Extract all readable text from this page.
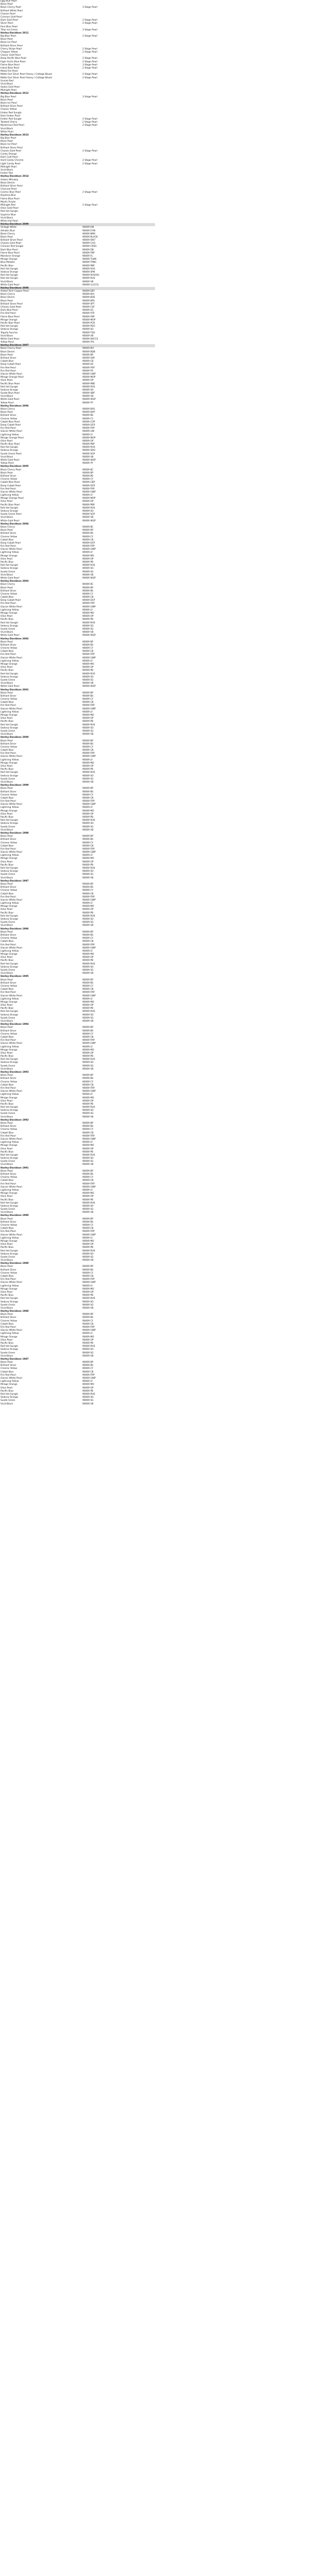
Egg Blue Pearl
Black Pearl
Black Cherry Pearl	3 Stage Pearl
Brilliant White Pearl
Chassis Pearl
Crimson Gold Pearl
Dark Gold Pearl	2 Stage Pearl
Silver Pearl	2 Stage Pearl
Pure Blue Pearl
Titan Ice Green	3 Stage Pearl
Harley-Davidson 2011
Big Blue Pearl	2 Stage Pearl
Black Pearl
Black Ice Pearl
Brilliant Silver Pearl
Cherry Stripe Pearl	2 Stage Pearl
Chopper Yellow	2 Stage Pearl
Classic Gold Pearl
Deep Pacific Blue Pearl	2 Stage Pearl
Eiger Arctic Blue Pearl	2 Stage Pearl
Flame Blue Pearl	3 Stage Pearl
Island Blue Pearl	2 Stage Pearl
Metal Fire Pearl
Matte Earl Silver Pearl Heavy / Cottage Blue/s	2 Stage Pearl
Matte Earl Silver Pearl Heavy / Cottage Blue/s	2 Stage Pearl
Scarlet Red
Vivid Black
Sedan Gold Pearl
Midnight Pearl
Harley-Davidson 2012
Big Blue Pearl	3 Stage Pearl
Black Pearl
Black Ice Pearl
Brilliant Silver Pearl
Chassis Yellow
Ember Red Sunglo
Dark Ember Pearl
Ember Red Sunglo	2 Stage Pearl
Twisted Cherry	2 Stage Pearl
Mysterious Red Pearl	2 Stage Pearl
Vivid Black
White Pearl
Harley-Davidson 2013
Big Blue Pearl
Black Pearl
Black Ice Pearl
Brilliant Silver Pearl
Chassis Gold Pearl	2 Stage Pearl
Candy Orange
Dark Cold Pearl
Hard Candy Chrome	2 Stage Pearl
Light Candy Pearl	2 Stage Pearl
Midnight Pearl
Vivid Black
Ember Red
Harley-Davidson 2014
Amber Whiskey
Black Denim
Brilliant Silver Pearl
Charcoal Pearl
Cosmic Blue Pearl	2 Stage Pearl
Daytona Blue
Flame Blue Pearl
Mystic Purple
Midnight Red	2 Stage Pearl
Olive Gold Pearl
Red Hot Sunglo
Superior Blue
Vivid Black
White Hot Pearl
Harley-Davidson 2009
Vintage White	90009 EW
Adriatic Blue	90009 EYW
Black Cherry	90009 BMX
Black Pearl	90009 BLACK
Brilliant Silver Pearl	90009 SW7
Chassis Gold Pearl	90009 CHG
Crimson Red Sunglo	90009 CRSG
Dark Blue Pearl	90009 DB
Flame Blue Pearl	90009 FBP
Mandarin Orange	90009 FL
Mirage Orange	90009 TLW6
Blue Metallic	90009 TRNC
Pacific Blue	90009 PBP
Red Hot Sunglo	90009 RHS
Sedona Orange	90009 SPN
Red Hot Sunglo	90009 RHS/OU
Red Hot Sunglo	90009 RHS
Vivid Black	90009 VB
White Gold Pearl	90009 CL/CCS
Harley-Davidson 2008
Amber Rich Copper Pearl	90009 DEF
Black Cherry	90009 BHI
Black Denim	90009 BDS
Black Pearl	90009 BPS
Brilliant Silver Pearl	90009 SPT
Chassis Gold Pearl	90009 CSF
Dark Blue Pearl	90009 D1
Fire Red Pearl	90009 FFR
Flame Blue Pearl	90009 FBP
Mirage Orange	90009 MOP
Pacific Blue Pearl	90009 PCB
Red Hot Sunglo	90009 RSG
Sedona Orange	90009 SO
Tequila Sunrise	90009 TQS
Vivid Black	90009 VB
White Gold Pearl	90009 W/CCS
Yellow Pearl	90009 YPL
Harley-Davidson 2007
Black Cherry Pearl	90009 BYI
Black Denim	90009 BDB
Black Pearl	90009 BP
Brilliant Silver	90009 SSR
Cobalt Blue	90009 CB
Deep Cobalt Pearl	90009 DC
Fire Red Pearl	90009 FRP
Fire Red Pearl	90009 FR
Glacier White Pearl	90009 GWP
Mirage Orange Pearl	90009 MOP
Olive Pearl	90009 OP
Pacific Blue Pearl	90009 PBB
Red Hot Sunglo	90009 RHS
Sedona Orange	90009 SO
Suede Blue Pearl	90009 SBP
Vivid Black	90009 VB
White Gold Pearl	90009 WGP
Yellow Pearl	90009 YP
Harley-Davidson 2006
Black Cherry	90009 BXS
Black Pearl	90009 BXP
Brilliant Silver	90009 BS
Chrome Yellow	90009 CY
Cobalt Blue Pearl	90009 COP
Deep Cobalt Pearl	90009 DCP
Fire Red Pearl	90009 FRP
Glacier White Pearl	90009 GW
Lightning Yellow	90009 LY
Mirage Orange Pearl	90009 MOP
Olive Pearl	90009 OP
Pacific Blue Pearl	90009 PBP
Red Hot Sunglo	90009 RHS
Sedona Orange	90009 SDO
Suede Green Pearl	90009 SGP
Vivid Black	90009 VB
White Gold Pearl	90009 WGP
Yellow Pearl	90009 YP
Harley-Davidson 2005
Black Cherry Pearl	90009 BC
Black Pearl	90009 BP
Brilliant Silver	90009 BS
Chrome Yellow	90009 CY
Cobalt Blue Pearl	90009 CBP
Deep Cobalt Pearl	90009 DCP
Fire Red Pearl	90009 FRP
Glacier White Pearl	90009 GWP
Lightning Yellow	90009 LY
Mirage Orange Pearl	90009 MOP
Olive Pearl	90009 OP
Pacific Blue Pearl	90009 PBP
Red Hot Sunglo	90009 RHS
Sedona Orange	90009 SO
Suede Green Pearl	90009 SGP
Vivid Black	90009 VB
White Gold Pearl	90009 WGP
Harley-Davidson 2004
Black Cherry	90009 BC
Black Pearl	90009 BP
Brilliant Silver	90009 BS
Chrome Yellow	90009 CY
Cobalt Blue	90009 CB
Deep Cobalt Pearl	90009 DCP
Fire Red Pearl	90009 FRP
Glacier White Pearl	90009 GWP
Lightning Yellow	90009 LY
Mirage Orange	90009 MO
Olive Pearl	90009 OP
Pacific Blue	90009 PB
Red Hot Sunglo	90009 RHS
Sedona Orange	90009 SO
Suede Green	90009 SG
Vivid Black	90009 VB
White Gold Pearl	90009 WGP
Harley-Davidson 2003
Black Cherry	90009 BC
Black Pearl	90009 BP
Brilliant Silver	90009 BS
Chrome Yellow	90009 CY
Cobalt Blue	90009 CB
Deep Cobalt Pearl	90009 DCP
Fire Red Pearl	90009 FRP
Glacier White Pearl	90009 GWP
Lightning Yellow	90009 LY
Mirage Orange	90009 MO
Olive Pearl	90009 OP
Pacific Blue	90009 PB
Red Hot Sunglo	90009 RHS
Sedona Orange	90009 SO
Suede Green	90009 SG
Vivid Black	90009 VB
White Gold Pearl	90009 WGP
Harley-Davidson 2002
Black Pearl	90009 BP
Brilliant Silver	90009 BS
Chrome Yellow	90009 CY
Cobalt Blue	90009 CB
Fire Red Pearl	90009 FRP
Glacier White Pearl	90009 GWP
Lightning Yellow	90009 LY
Mirage Orange	90009 MO
Olive Pearl	90009 OP
Pacific Blue	90009 PB
Red Hot Sunglo	90009 RHS
Sedona Orange	90009 SO
Suede Green	90009 SG
Vivid Black	90009 VB
White Gold Pearl	90009 WGP
Harley-Davidson 2001
Black Pearl	90009 BP
Brilliant Silver	90009 BS
Chrome Yellow	90009 CY
Cobalt Blue	90009 CB
Fire Red Pearl	90009 FRP
Glacier White Pearl	90009 GWP
Lightning Yellow	90009 LY
Mirage Orange	90009 MO
Olive Pearl	90009 OP
Pacific Blue	90009 PB
Red Hot Sunglo	90009 RHS
Sedona Orange	90009 SO
Suede Green	90009 SG
Vivid Black	90009 VB
Harley-Davidson 2000
Black Pearl	90009 BP
Brilliant Silver	90009 BS
Chrome Yellow	90009 CY
Cobalt Blue	90009 CB
Fire Red Pearl	90009 FRP
Glacier White Pearl	90009 GWP
Lightning Yellow	90009 LY
Mirage Orange	90009 MO
Olive Pearl	90009 OP
Pacific Blue	90009 PB
Red Hot Sunglo	90009 RHS
Sedona Orange	90009 SO
Suede Green	90009 SG
Vivid Black	90009 VB
Harley-Davidson 1999
Black Pearl	90009 BP
Brilliant Silver	90009 BS
Chrome Yellow	90009 CY
Cobalt Blue	90009 CB
Fire Red Pearl	90009 FRP
Glacier White Pearl	90009 GWP
Lightning Yellow	90009 LY
Mirage Orange	90009 MO
Olive Pearl	90009 OP
Pacific Blue	90009 PB
Red Hot Sunglo	90009 RHS
Sedona Orange	90009 SO
Suede Green	90009 SG
Vivid Black	90009 VB
Harley-Davidson 1998
Black Pearl	90009 BP
Brilliant Silver	90009 BS
Chrome Yellow	90009 CY
Cobalt Blue	90009 CB
Fire Red Pearl	90009 FRP
Glacier White Pearl	90009 GWP
Lightning Yellow	90009 LY
Mirage Orange	90009 MO
Olive Pearl	90009 OP
Pacific Blue	90009 PB
Red Hot Sunglo	90009 RHS
Sedona Orange	90009 SO
Suede Green	90009 SG
Vivid Black	90009 VB
Harley-Davidson 1997
Black Pearl	90009 BP
Brilliant Silver	90009 BS
Chrome Yellow	90009 CY
Cobalt Blue	90009 CB
Fire Red Pearl	90009 FRP
Glacier White Pearl	90009 GWP
Lightning Yellow	90009 LY
Mirage Orange	90009 MO
Olive Pearl	90009 OP
Pacific Blue	90009 PB
Red Hot Sunglo	90009 RHS
Sedona Orange	90009 SO
Suede Green	90009 SG
Vivid Black	90009 VB
Harley-Davidson 1996
Black Pearl	90009 BP
Brilliant Silver	90009 BS
Chrome Yellow	90009 CY
Cobalt Blue	90009 CB
Fire Red Pearl	90009 FRP
Glacier White Pearl	90009 GWP
Lightning Yellow	90009 LY
Mirage Orange	90009 MO
Olive Pearl	90009 OP
Pacific Blue	90009 PB
Red Hot Sunglo	90009 RHS
Sedona Orange	90009 SO
Suede Green	90009 SG
Vivid Black	90009 VB
Harley-Davidson 1995
Black Pearl	90009 BP
Brilliant Silver	90009 BS
Chrome Yellow	90009 CY
Cobalt Blue	90009 CB
Fire Red Pearl	90009 FRP
Glacier White Pearl	90009 GWP
Lightning Yellow	90009 LY
Mirage Orange	90009 MO
Olive Pearl	90009 OP
Pacific Blue	90009 PB
Red Hot Sunglo	90009 RHS
Sedona Orange	90009 SO
Suede Green	90009 SG
Vivid Black	90009 VB
Harley-Davidson 1994
Black Pearl	90009 BP
Brilliant Silver	90009 BS
Chrome Yellow	90009 CY
Cobalt Blue	90009 CB
Fire Red Pearl	90009 FRP
Glacier White Pearl	90009 GWP
Lightning Yellow	90009 LY
Mirage Orange	90009 MO
Olive Pearl	90009 OP
Pacific Blue	90009 PB
Red Hot Sunglo	90009 RHS
Sedona Orange	90009 SO
Suede Green	90009 SG
Vivid Black	90009 VB
Harley-Davidson 1993
Black Pearl	90009 BP
Brilliant Silver	90009 BS
Chrome Yellow	90009 CY
Cobalt Blue	90009 CB
Fire Red Pearl	90009 FRP
Glacier White Pearl	90009 GWP
Lightning Yellow	90009 LY
Mirage Orange	90009 MO
Olive Pearl	90009 OP
Pacific Blue	90009 PB
Red Hot Sunglo	90009 RHS
Sedona Orange	90009 SO
Suede Green	90009 SG
Vivid Black	90009 VB
Harley-Davidson 1992
Black Pearl	90009 BP
Brilliant Silver	90009 BS
Chrome Yellow	90009 CY
Cobalt Blue	90009 CB
Fire Red Pearl	90009 FRP
Glacier White Pearl	90009 GWP
Lightning Yellow	90009 LY
Mirage Orange	90009 MO
Olive Pearl	90009 OP
Pacific Blue	90009 PB
Red Hot Sunglo	90009 RHS
Sedona Orange	90009 SO
Suede Green	90009 SG
Vivid Black	90009 VB
Harley-Davidson 1991
Black Pearl	90009 BP
Brilliant Silver	90009 BS
Chrome Yellow	90009 CY
Cobalt Blue	90009 CB
Fire Red Pearl	90009 FRP
Glacier White Pearl	90009 GWP
Lightning Yellow	90009 LY
Mirage Orange	90009 MO
Olive Pearl	90009 OP
Pacific Blue	90009 PB
Red Hot Sunglo	90009 RHS
Sedona Orange	90009 SO
Suede Green	90009 SG
Vivid Black	90009 VB
Harley-Davidson 1990
Black Pearl	90009 BP
Brilliant Silver	90009 BS
Chrome Yellow	90009 CY
Cobalt Blue	90009 CB
Fire Red Pearl	90009 FRP
Glacier White Pearl	90009 GWP
Lightning Yellow	90009 LY
Mirage Orange	90009 MO
Olive Pearl	90009 OP
Pacific Blue	90009 PB
Red Hot Sunglo	90009 RHS
Sedona Orange	90009 SO
Suede Green	90009 SG
Vivid Black	90009 VB
Harley-Davidson 1989
Black Pearl	90009 BP
Brilliant Silver	90009 BS
Chrome Yellow	90009 CY
Cobalt Blue	90009 CB
Fire Red Pearl	90009 FRP
Glacier White Pearl	90009 GWP
Lightning Yellow	90009 LY
Mirage Orange	90009 MO
Olive Pearl	90009 OP
Pacific Blue	90009 PB
Red Hot Sunglo	90009 RHS
Sedona Orange	90009 SO
Suede Green	90009 SG
Vivid Black	90009 VB
Harley-Davidson 1988
Black Pearl	90009 BP
Brilliant Silver	90009 BS
Chrome Yellow	90009 CY
Cobalt Blue	90009 CB
Fire Red Pearl	90009 FRP
Glacier White Pearl	90009 GWP
Lightning Yellow	90009 LY
Mirage Orange	90009 MO
Olive Pearl	90009 OP
Pacific Blue	90009 PB
Red Hot Sunglo	90009 RHS
Sedona Orange	90009 SO
Suede Green	90009 SG
Vivid Black	90009 VB
Harley-Davidson 1987
Black Pearl	90009 BP
Brilliant Silver	90009 BS
Chrome Yellow	90009 CY
Cobalt Blue	90009 CB
Fire Red Pearl	90009 FRP
Glacier White Pearl	90009 GWP
Lightning Yellow	90009 LY
Mirage Orange	90009 MO
Olive Pearl	90009 OP
Pacific Blue	90009 PB
Red Hot Sunglo	90009 RHS
Sedona Orange	90009 SO
Suede Green	90009 SG
Vivid Black	90009 VB
